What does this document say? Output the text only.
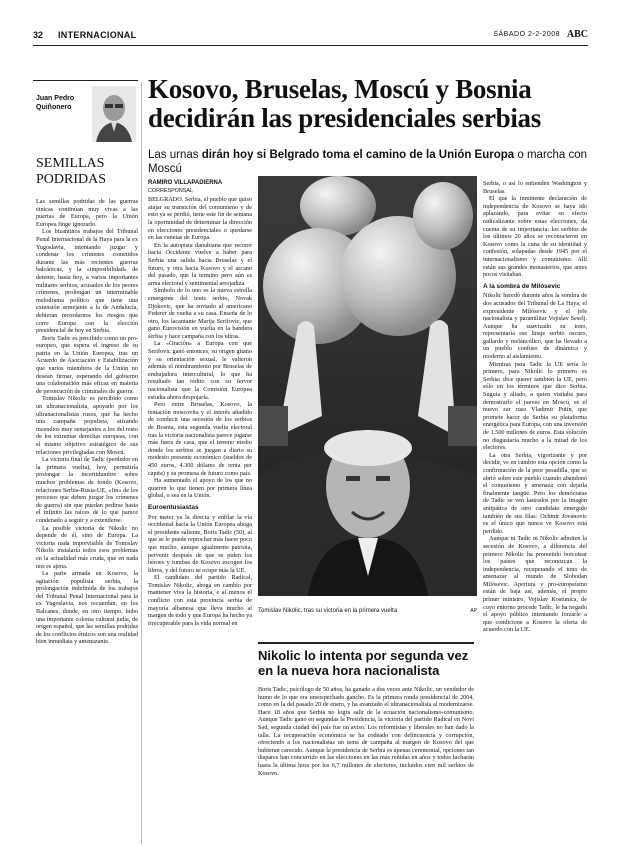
32 INTERNACIONAL	SÁBADO 2-2-2008 ABC
Juan Pedro Quiñonero
Kosovo, Bruselas, Moscú y Bosnia decidirán las presidenciales serbias
Las urnas dirán hoy si Belgrado toma el camino de la Unión Europa o marcha con Moscú
SEMILLAS PODRIDAS

Las semillas podridas de las guerras étnicas continúan muy vivas a las puertas de Europa, pero la Unión Europea finge ignorarlo.

Los bizantinos trabajos del Tribunal Penal Internacional de la Haya para la ex Yugoslavia, intentando juzgar y condenar los crímenes cometidos durante las más recientes guerras balcánicas, y la «imposibilidad» de detener, hasta hoy, a varios importantes militares serbios, acusados de los peores crímenes, prolongan un interminable melodrama político que tiene una extensión semejante a la de Andalucía, debieran recordarnos los riesgos que corre Europa con la elección presidencial de hoy en Serbia.

Boris Tadic es percibido como un pro-europeo, que espera el ingreso de su patria en la Unión Europea, tras un Acuerdo de Asociación y Estabilización que varios miembros de la Unión no desean firmar, esperando del gobierno una colaboración más eficaz en materia de persecución de criminales de guerra.

Tomislav Nikolic es percibido como un ultranacionalista, apoyado por los ultranacionalistas rusos, que ha hecho una campaña populista, atizando incendios muy semejantes a los del resto de los extremas derechas europeas, con el mismo objetivo estratégico de sus relaciones privilegiadas con Moscú.

La victoria final de Tadic (perdedor en la primera vuelta), hoy, permitiría prolongar la incertidumbre sobre muchos problemas de fondo (Kosovo, relaciones Serbia-Rusia-UE, «fin» de los procesos que deben juzgar los crímenes de guerra) sin que puedan pedirse hasta el infinito las raíces de lo que parece condenado a seguir y a extenderse.

La posible victoria de Nikolic no depende de él, sino de Europa. La victoria nada imprevisible de Tomislav Nikolic instalaría todos esos problemas en la actualidad más cruda, que en nada nos es ajena.

La parte armada en Kosovo, la agitación populista serbia, la prolongación indefinida de los trabajos del Tribunal Penal Internacional para la ex Yugoslavia, nos recuerdan, en los Balcanes, donde, en otro tiempo, hubo una importante colonia cultural judía, de origen español, que las semillas podridas de los conflictos étnicos son una realidad bien inmediata y amenazante.

RAMIRO VILLAPADIERNA
CORRESPONSAL

BELGRADO. Serbia, el pueblo que quiso atajar su transición del comunismo y de esto ya se perdió, tiene este fin de semana la oportunidad de determinar la dirección en elecciones presidenciales o quedarse en las cunetas de Europa.

En la autopista danubiana que recorre hacia Occidente vuelve a haber para Serbia una salida hacia Bruselas y el futuro, y otra hacia Kosovo y el arcano del pasado, que la termino pero aún es arma electoral y sentimental arrojadiza.

Símbolo de lo uno es la nueva estrella emergente del tenis serbio, Novak Djokovic, que ha enviado al americano Federer de vuelta a su casa. Enseña de lo otro, los lacantante Marija Serifovic, que ganó Eurovisión en vuelta en la bandera serbia y hace campaña con los ultras.

La «Oración» a Europa con que Serifovic ganó entonces, su origen gitano y su orientación sexual, le valieron además el nombramiento por Bruselas de embajadora intercultural, lo que ha resultado tan rédito con su fervor nacionalista que la Comisión Europea estudia ahora despojarla.

Pero entre Bruselas, Kosovo, la tentación moscovita y el interés añadido de conducir una secesión de los serbios de Bosnia, esta segunda vuelta electoral tras la victoria nacionalista parece jugarse más fuera de casa, que el terreno medio donde los serbios se juegan a diario su modesto presente económico (sueldos de 450 euros, 4.300 dólares de renta per capita) y su promesa de futuro como país.

Ha aumentado el apoyo de los que no quieren lo que tienen por primera línea global, o sea en la Unión.

Euroentusiastas

Por meter ya la directa y enfilar la vía occidental hacia la Unión Europea aboga el presidente saliente, Boris Tadic (50), al que se le puede reprochar más hacer poco que mucho, aunque igualmente patriota, pervenir después de que se piden los héroes y tumbas de Kosovo escogen los libros, y del futuro se ocupe más la UE.

El candidato del partido Radical, Tomislav Nikolic, aboga en cambio por mantener viva la historia, e al menos el conflicto con esta provincia serbia de mayoría albanesa que lleva mucho al margen de todo y que Europa ha hecho ya irrecuperable para la vida normal en

Tomislav Nikolic, tras su victoria en la primera vuelta	AP
Nikolic lo intenta por segunda vez en la nueva hora nacionalista

Boris Tadic, psicólogo de 50 años, ha ganado a dos veces ante Nikolic, un vendedor de humo de lo que era unsospechado gancho. Es la primera ronda presidencial de 2004, como en la del pasado 20 de enero, y ha avanzado el ultranacionalista al modernizarse. Hace 18 años que Serbia no logra salir de la ecuación nacionalismo-comunismo. Aunque Tadic ganó en segundas la Presidencia, la victoria del partido Radical en Novi Sad, segunda ciudad del país fue un aviso. Los reformistas y liberales no han dado la talla. La recuperación económica se ha codeado con delincuencia y corrupción, ofreciendo a los nacionalistas un tema de campaña al margen de Kosovo del que hubieran carecido. Aunque la presidencia de Serbia es apenas ceremonial, opciones tan dispares han concurrido en las elecciones en las más reñidas en años y todos lucharán hasta la última hora por los 6,7 millones de electores, incluidos cien mil serbios de Kosovo.

Serbia, o así lo entienden Washington y Bruselas.

El que la inminente declaración de independencia de Kosovo se haya ido aplazando, para evitar su efecto radicalizante sobre estas elecciones, da cuenta de su importancia: los serbios de los últimos 20 años se reconocieron en Kosovo como la cuna de su identidad y confesión, solapadas desde 1945 por el internacionalismo y comunismo. Allí están sus grandes monasterios, que antes pocos visitaban.

A la sombra de Milósevic

Nikolic heredó durante años la sombra de dos acusados del Tribunal de La Haya, el expresidente Milósevic y el jefe nacionalista y paramilitar Vojislav Seselj. Aunque ha suavizado su tono, representaría ese linaje serbio oscuro, gallardo y melancólico, que ha llevado a un pueblo confuso de dinámica y moderno al aislamiento.

Mientras para Tadic la UE sería lo primero, para Nikolic lo primero es Serbia; dice querer también la UE, pero sólo en los términos que dice Serbia. Suguia y aliado, a quien visitaba para demostrarlo el jueves en Moscú, es el nuevo zar ruso Vladimir Putin, que promete hacer de Serbia su plataforma energética para Europa, con una inversión de 1.500 millones de euros. Esta solución no disgustaría mucho a la mitad de los electores.

La otra Serbia, vigorizante y por decidir, ve en cambio esta opción como la confirmación de la peor pesadilla, que se abrió sobre este pueblo cuando abandonó el comunismo y amenaza con dejarla finalmente tangüe. Pero los demócratas de Tadic se ven lastrados por la imagen antipática de otro candidato emergido también de sus filas: Ochmir Jovánovic es el único que nunca ve Kosovo está perdido.

Aunque ni Tadic ni Nikolic admiten la secesión de Kosovo, a diferencia del primero Nikolic ha prometido boicotear los países que reconozcan la independencia, recuperando el tono de amenazar al mundo de Slobodan Milósevic. Apertura y pro-europeísmo están de baja así, además, el propio primer ministro, Vojislav Kostunica, de cuyo entorno procede Tadic, le ha negado el apoyo público intentando forzarle a que condicione a Kosovo la oferta de acuerdo con la UE.
